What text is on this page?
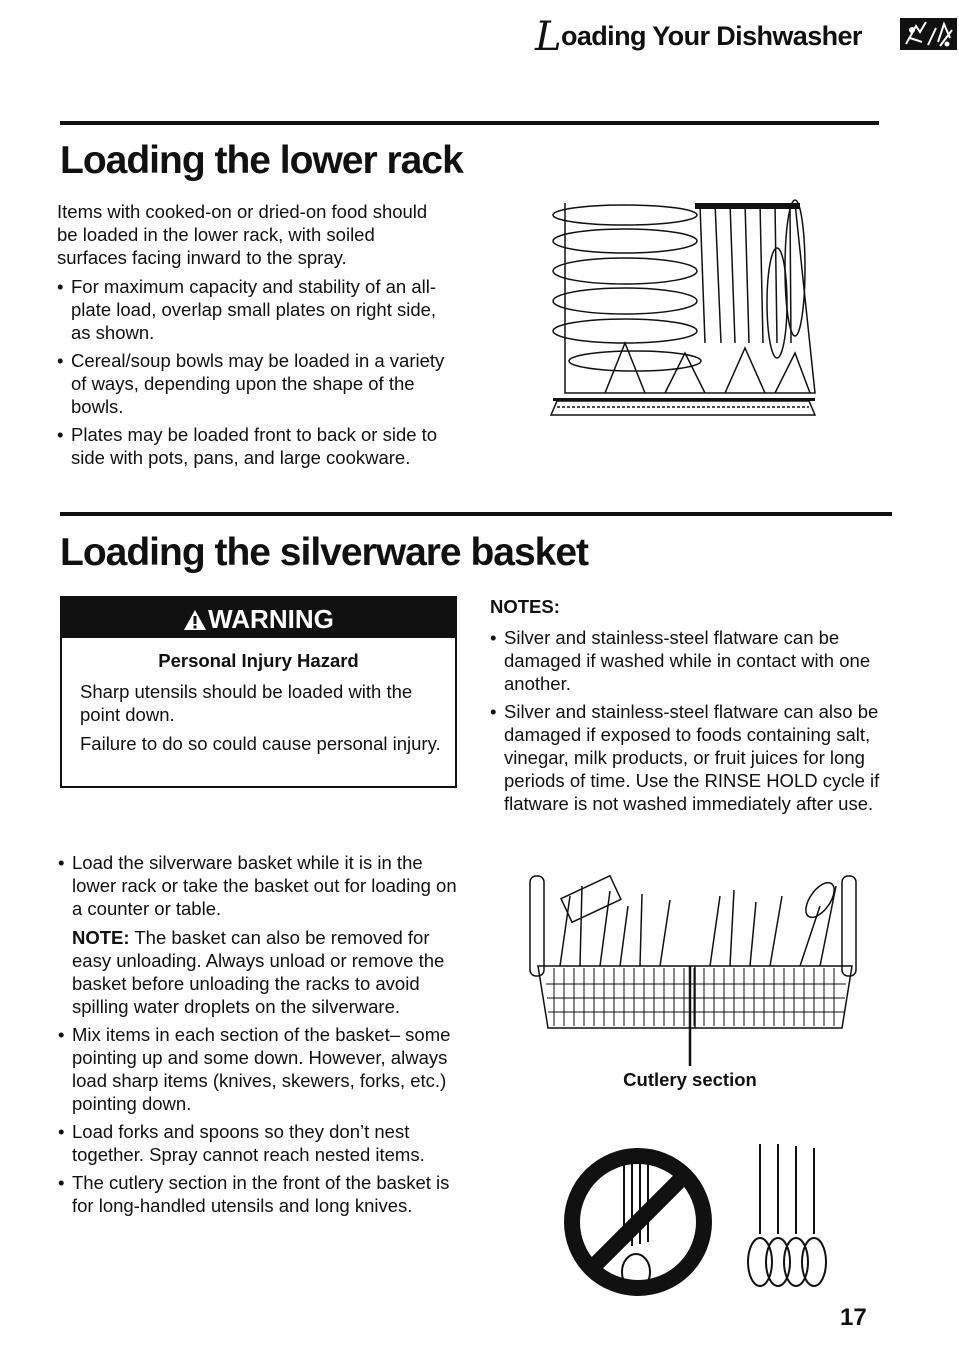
Loading Your Dishwasher
Loading the lower rack

Items with cooked-on or dried-on food should be loaded in the lower rack, with soiled surfaces facing inward to the spray.

• For maximum capacity and stability of an all-plate load, overlap small plates on right side, as shown.
• Cereal/soup bowls may be loaded in a variety of ways, depending upon the shape of the bowls.
• Plates may be loaded front to back or side to side with pots, pans, and large cookware.
Loading the silverware basket
WARNING
Personal Injury Hazard

Sharp utensils should be loaded with the point down.

Failure to do so could cause personal injury.

NOTES:
• Silver and stainless-steel flatware can be damaged if washed while in contact with one another.
• Silver and stainless-steel flatware can also be damaged if exposed to foods containing salt, vinegar, milk products, or fruit juices for long periods of time. Use the RINSE HOLD cycle if flatware is not washed immediately after use.
• Load the silverware basket while it is in the lower rack or take the basket out for loading on a counter or table.

NOTE: The basket can also be removed for easy unloading. Always unload or remove the basket before unloading the racks to avoid spilling water droplets on the silverware.

• Mix items in each section of the basket– some pointing up and some down. However, always load sharp items (knives, skewers, forks, etc.) pointing down.
• Load forks and spoons so they don’t nest together. Spray cannot reach nested items.
• The cutlery section in the front of the basket is for long-handled utensils and long knives.
Cutlery section
17
